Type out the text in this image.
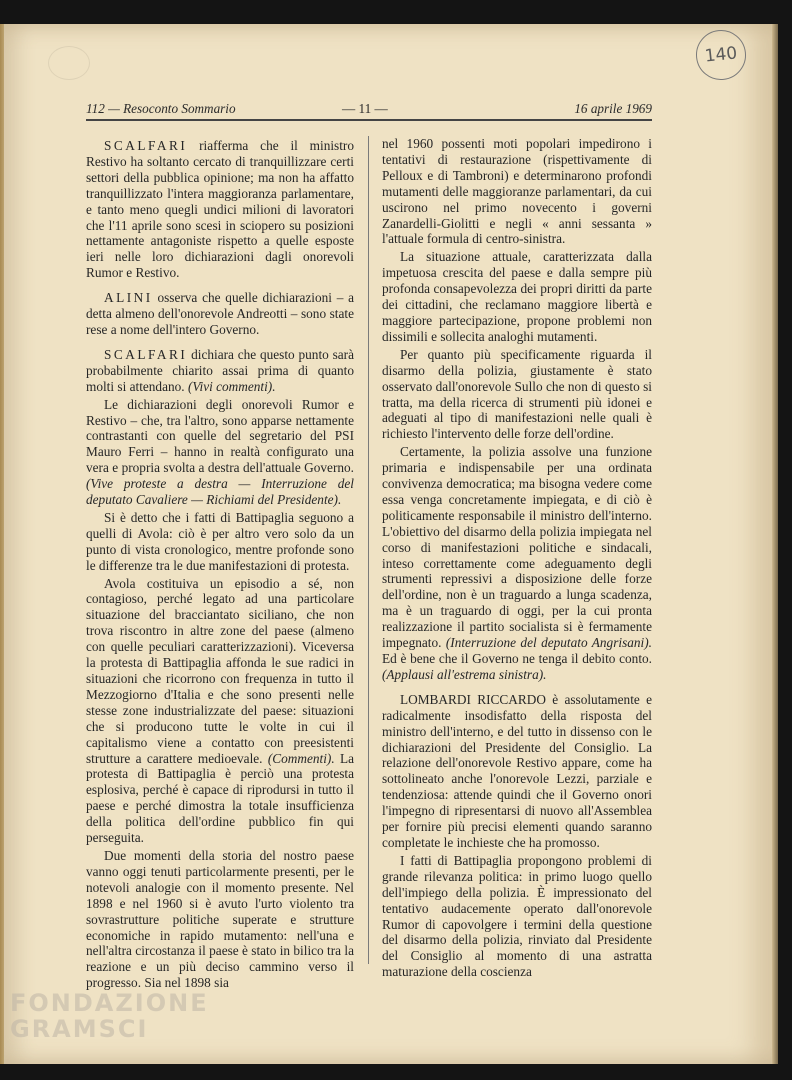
140
112 — Resoconto Sommario	— 11 —	16 aprile 1969

SCALFARI riafferma che il ministro Restivo ha soltanto cercato di tranquillizzare certi settori della pubblica opinione; ma non ha affatto tranquillizzato l'intera maggioranza parlamentare, e tanto meno quegli undici milioni di lavoratori che l'11 aprile sono scesi in sciopero su posizioni nettamente antagoniste rispetto a quelle esposte ieri nelle loro dichiarazioni dagli onorevoli Rumor e Restivo.

ALINI osserva che quelle dichiarazioni – a detta almeno dell'onorevole Andreotti – sono state rese a nome dell'intero Governo.

SCALFARI dichiara che questo punto sarà probabilmente chiarito assai prima di quanto molti si attendano. (Vivi commenti).

Le dichiarazioni degli onorevoli Rumor e Restivo – che, tra l'altro, sono apparse nettamente contrastanti con quelle del segretario del PSI Mauro Ferri – hanno in realtà configurato una vera e propria svolta a destra dell'attuale Governo. (Vive proteste a destra — Interruzione del deputato Cavaliere — Richiami del Presidente).

Si è detto che i fatti di Battipaglia seguono a quelli di Avola: ciò è per altro vero solo da un punto di vista cronologico, mentre profonde sono le differenze tra le due manifestazioni di protesta.

Avola costituiva un episodio a sé, non contagioso, perché legato ad una particolare situazione del bracciantato siciliano, che non trova riscontro in altre zone del paese (almeno con quelle peculiari caratterizzazioni). Viceversa la protesta di Battipaglia affonda le sue radici in situazioni che ricorrono con frequenza in tutto il Mezzogiorno d'Italia e che sono presenti nelle stesse zone industrializzate del paese: situazioni che si producono tutte le volte in cui il capitalismo viene a contatto con preesistenti strutture a carattere medioevale. (Commenti). La protesta di Battipaglia è perciò una protesta esplosiva, perché è capace di riprodursi in tutto il paese e perché dimostra la totale insufficienza della politica dell'ordine pubblico fin qui perseguita.

Due momenti della storia del nostro paese vanno oggi tenuti particolarmente presenti, per le notevoli analogie con il momento presente. Nel 1898 e nel 1960 si è avuto l'urto violento tra sovrastrutture politiche superate e strutture economiche in rapido mutamento: nell'una e nell'altra circostanza il paese è stato in bilico tra la reazione e un più deciso cammino verso il progresso. Sia nel 1898 sia

nel 1960 possenti moti popolari impedirono i tentativi di restaurazione (rispettivamente di Pelloux e di Tambroni) e determinarono profondi mutamenti delle maggioranze parlamentari, da cui uscirono nel primo novecento i governi Zanardelli-Giolitti e negli « anni sessanta » l'attuale formula di centro-sinistra.

La situazione attuale, caratterizzata dalla impetuosa crescita del paese e dalla sempre più profonda consapevolezza dei propri diritti da parte dei cittadini, che reclamano maggiore libertà e maggiore partecipazione, propone problemi non dissimili e sollecita analoghi mutamenti.

Per quanto più specificamente riguarda il disarmo della polizia, giustamente è stato osservato dall'onorevole Sullo che non di questo si tratta, ma della ricerca di strumenti più idonei e adeguati al tipo di manifestazioni nelle quali è richiesto l'intervento delle forze dell'ordine.

Certamente, la polizia assolve una funzione primaria e indispensabile per una ordinata convivenza democratica; ma bisogna vedere come essa venga concretamente impiegata, e di ciò è politicamente responsabile il ministro dell'interno. L'obiettivo del disarmo della polizia impiegata nel corso di manifestazioni politiche e sindacali, inteso correttamente come adeguamento degli strumenti repressivi a disposizione delle forze dell'ordine, non è un traguardo a lunga scadenza, ma è un traguardo di oggi, per la cui pronta realizzazione il partito socialista si è fermamente impegnato. (Interruzione del deputato Angrisani). Ed è bene che il Governo ne tenga il debito conto. (Applausi all'estrema sinistra).

LOMBARDI RICCARDO è assolutamente e radicalmente insodisfatto della risposta del ministro dell'interno, e del tutto in dissenso con le dichiarazioni del Presidente del Consiglio. La relazione dell'onorevole Restivo appare, come ha sottolineato anche l'onorevole Lezzi, parziale e tendenziosa: attende quindi che il Governo onori l'impegno di ripresentarsi di nuovo all'Assemblea per fornire più precisi elementi quando saranno completate le inchieste che ha promosso.

I fatti di Battipaglia propongono problemi di grande rilevanza politica: in primo luogo quello dell'impiego della polizia. È impressionato del tentativo audacemente operato dall'onorevole Rumor di capovolgere i termini della questione del disarmo della polizia, rinviato dal Presidente del Consiglio al momento di una astratta maturazione della coscienza

FONDAZIONE
GRAMSCI
